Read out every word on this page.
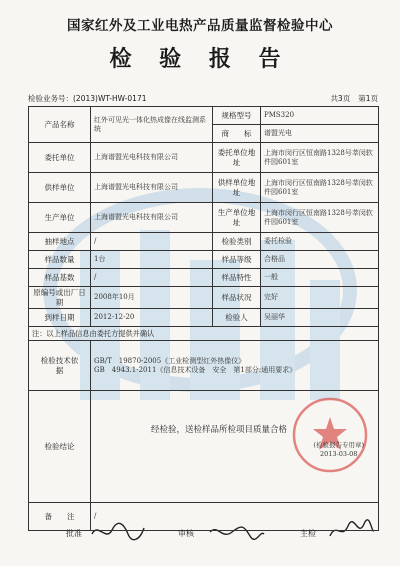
国家红外及工业电热产品质量监督检验中心
检 验 报 告
检验业务号：(2013)WT-HW-0171	共3页 第1页
产品名称	红外可见光一体化热成像在线监测系统	规格型号	PMS320
		商　　标	谱盟光电
委托单位	上海谱盟光电科技有限公司	委托单位地　址	上海市闵行区恒南路1328号莘闵软件园601室
供样单位	上海谱盟光电科技有限公司	供样单位地　址	上海市闵行区恒南路1328号莘闵软件园601室
生产单位	上海谱盟光电科技有限公司	生产单位地　址	上海市闵行区恒南路1328号莘闵软件园601室
抽样地点	/	检验类别	委托检验
样品数量	1台	样品等级	合格品
样品基数	/	样品特性	一般
原编号或出厂日期	2008年10月	样品状况	完好
到样日期	2012-12-20	检验人	吴丽华
注：以上样品信息由委托方提供并确认			
检验技术依　　据	GB/T　19870-2005《工业检测型红外热像仪》
GB　4943.1-2011《信息技术设备　安全　第1部分:通用要求》		

检验结论	经检验，送检样品所检项目质量合格
(检验报告专用章)
2013-03-08		

备　　注	/		
批准	审核	主检
